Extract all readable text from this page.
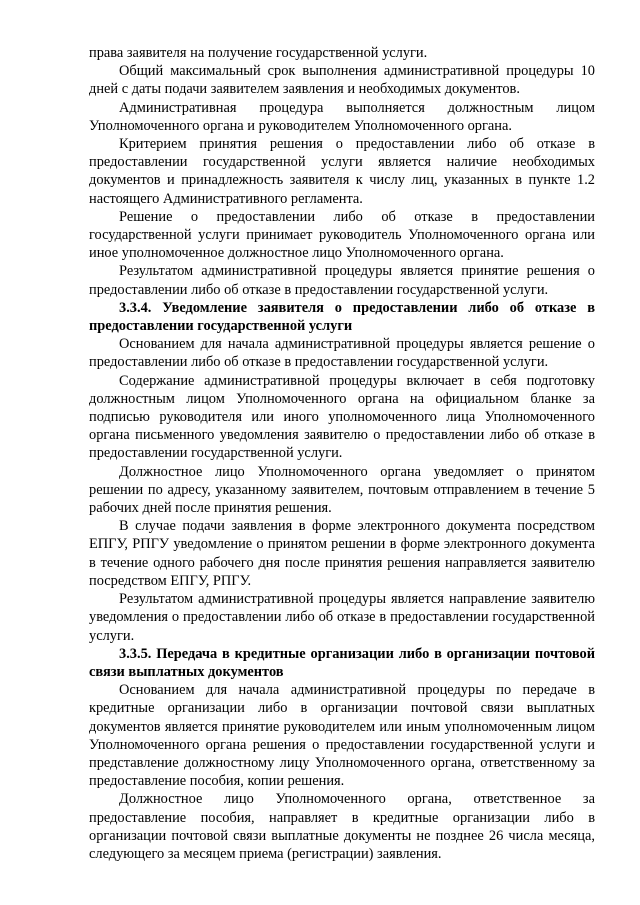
права заявителя на получение государственной услуги.

Общий максимальный срок выполнения административной процедуры 10 дней с даты подачи заявителем заявления и необходимых документов.

Административная процедура выполняется должностным лицом Уполномоченного органа и руководителем Уполномоченного органа.

Критерием принятия решения о предоставлении либо об отказе в предоставлении государственной услуги является наличие необходимых документов и принадлежность заявителя к числу лиц, указанных в пункте 1.2 настоящего Административного регламента.

Решение о предоставлении либо об отказе в предоставлении государственной услуги принимает руководитель Уполномоченного органа или иное уполномоченное должностное лицо Уполномоченного органа.

Результатом административной процедуры является принятие решения о предоставлении либо об отказе в предоставлении государственной услуги.

3.3.4. Уведомление заявителя о предоставлении либо об отказе в предоставлении государственной услуги

Основанием для начала административной процедуры является решение о предоставлении либо об отказе в предоставлении государственной услуги.

Содержание административной процедуры включает в себя подготовку должностным лицом Уполномоченного органа на официальном бланке за подписью руководителя или иного уполномоченного лица Уполномоченного органа письменного уведомления заявителю о предоставлении либо об отказе в предоставлении государственной услуги.

Должностное лицо Уполномоченного органа уведомляет о принятом решении по адресу, указанному заявителем, почтовым отправлением в течение 5 рабочих дней после принятия решения.

В случае подачи заявления в форме электронного документа посредством ЕПГУ, РПГУ уведомление о принятом решении в форме электронного документа в течение одного рабочего дня после принятия решения направляется заявителю посредством ЕПГУ, РПГУ.

Результатом административной процедуры является направление заявителю уведомления о предоставлении либо об отказе в предоставлении государственной услуги.

3.3.5. Передача в кредитные организации либо в организации почтовой связи выплатных документов

Основанием для начала административной процедуры по передаче в кредитные организации либо в организации почтовой связи выплатных документов является принятие руководителем или иным уполномоченным лицом Уполномоченного органа решения о предоставлении государственной услуги и представление должностному лицу Уполномоченного органа, ответственному за предоставление пособия, копии решения.

Должностное лицо Уполномоченного органа, ответственное за предоставление пособия, направляет в кредитные организации либо в организации почтовой связи выплатные документы не позднее 26 числа месяца, следующего за месяцем приема (регистрации) заявления.
